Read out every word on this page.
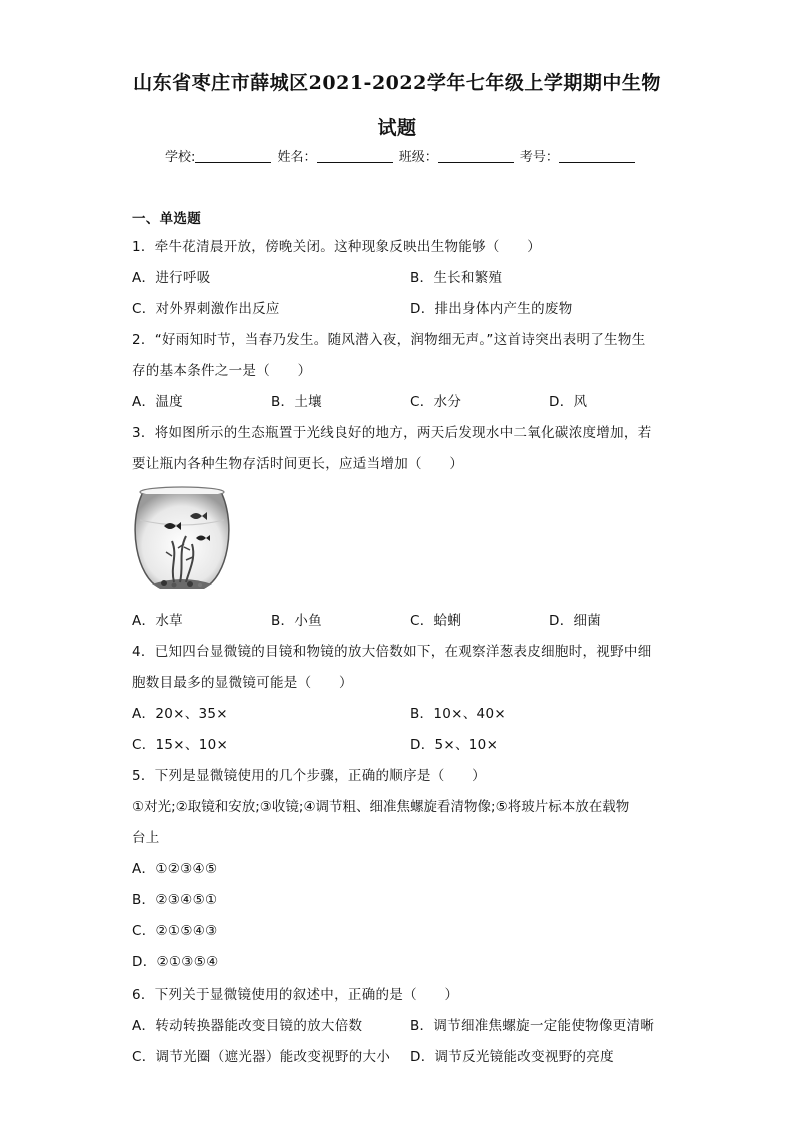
山东省枣庄市薛城区2021-2022学年七年级上学期期中生物
试题
学校:	姓名：	班级：	考号：
一、单选题
1．牵牛花清晨开放，傍晚关闭。这种现象反映出生物能够（　　）
A．进行呼吸	B．生长和繁殖
C．对外界刺激作出反应	D．排出身体内产生的废物
2．“好雨知时节，当春乃发生。随风潜入夜，润物细无声。”这首诗突出表明了生物生
存的基本条件之一是（　　）
A．温度	B．土壤	C．水分	D．风
3．将如图所示的生态瓶置于光线良好的地方，两天后发现水中二氧化碳浓度增加，若
要让瓶内各种生物存活时间更长，应适当增加（　　）
A．水草	B．小鱼	C．蛤蜊	D．细菌
4．已知四台显微镜的目镜和物镜的放大倍数如下，在观察洋葱表皮细胞时，视野中细
胞数目最多的显微镜可能是（　　）
A．20×、35×	B．10×、40×
C．15×、10×	D．5×、10×
5．下列是显微镜使用的几个步骤，正确的顺序是（　　）
①对光;②取镜和安放;③收镜;④调节粗、细准焦螺旋看清物像;⑤将玻片标本放在载物
台上
A．①②③④⑤
B．②③④⑤①
C．②①⑤④③
D．②①③⑤④
6．下列关于显微镜使用的叙述中，正确的是（　　）
A．转动转换器能改变目镜的放大倍数	B．调节细准焦螺旋一定能使物像更清晰
C．调节光圈（遮光器）能改变视野的大小 D．调节反光镜能改变视野的亮度
